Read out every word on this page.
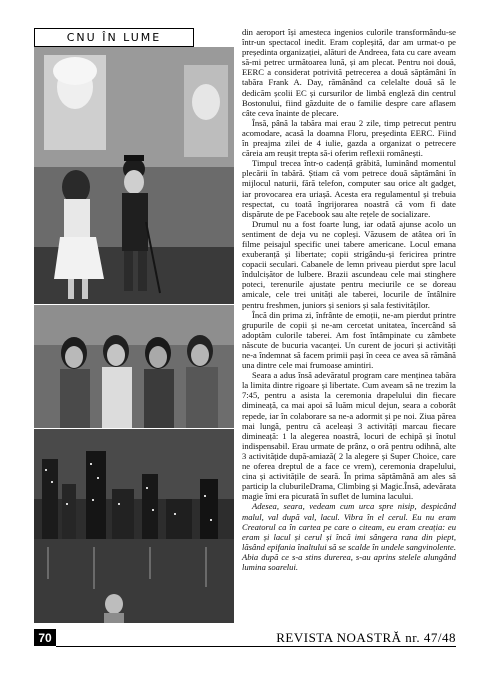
CNU ÎN LUME	din aeroport își amesteca ingenios culorile transformându-se într-un spectacol inedit. Eram copleșită, dar am urmat-o pe președinta organizației, alături de Andreea, fata cu care aveam să-mi petrec următoarea lună, și am plecat. Pentru noi două, EERC a considerat potrivită petrecerea a două săptămâni în tabăra Frank A. Day, rămânând ca celelalte două să le dedicăm școlii EC și cursurilor de limbă engleză din centrul Bostonului, fiind găzduite de o familie despre care aflasem câte ceva înainte de plecare.

Însă, până la tabăra mai erau 2 zile, timp petrecut pentru acomodare, acasă la doamna Floru, președinta EERC. Fiind în preajma zilei de 4 iulie, gazda a organizat o petrecere căreia am reușit trepta să-i oferim reflexii românești.

Timpul trecea într-o cadență grăbită, luminând momentul plecării în tabără. Știam că vom petrece două săptămâni în mijlocul naturii, fără telefon, computer sau orice alt gadget, iar provocarea era uriașă. Acesta era regulamentul și trebuia respectat, cu toată îngrijorarea noastră că vom fi date dispărute de pe Facebook sau alte rețele de socializare.

Drumul nu a fost foarte lung, iar odată ajunse acolo un sentiment de deja vu ne copleși. Văzusem de atâtea ori în filme peisajul specific unei tabere americane. Locul emana exuberanță și libertate; copii strigându-și fericirea printre copacii seculari. Cabanele de lemn priveau pierdut spre lacul îndulcișător de lulbere. Brazii ascundeau cele mai stinghere poteci, terenurile ajustate pentru meciurile ce se doreau amicale, cele trei unități ale taberei, locurile de întâlnire pentru freshmen, juniors și seniors și sala festivităților.

Încă din prima zi, înfrânte de emoții, ne-am pierdut printre grupurile de copii și ne-am cercetat unitatea, încercând să adoptăm culorile taberei. Am fost întâmpinate cu zâmbete născute de bucuria vacanței. Un curent de jocuri și activități ne-a îndemnat să facem primii pași în ceea ce avea să rămână una dintre cele mai frumoase amintiri.

Seara a adus însă adevăratul program care menținea tabăra la limita dintre rigoare și libertate. Cum aveam să ne trezim la 7:45, pentru a asista la ceremonia drapelului din fiecare dimineață, ca mai apoi să luăm micul dejun, seara a coborât repede, iar în colaborare sa ne-a adormit și pe noi. Ziua părea mai lungă, pentru că aceleași 3 activități marcau fiecare dimineață: 1 la alegerea noastră, locuri de echipă și înotul indispensabil. Erau urmate de prânz, o oră pentru odihnă, alte 3 activitățide după-amiază( 2 la alegere și Super Choice, care ne oferea dreptul de a face ce vrem), ceremonia drapelului, cina și activitățile de seară. În prima săptămână am ales să particip la cluburileDrama, Climbing și Magic.Însă, adevărata magie îmi era picurată în suflet de lumina lacului.

Adesea, seara, vedeam cum urca spre nisip, despicând malul, val după val, lacul. Vibra în el cerul. Eu nu eram Creatorul ca în cartea pe care o citeam, eu eram creația: eu eram și lacul și cerul și încă imi sângera rana din piept, lăsând epifania înaltului să se scalde în undele sangvinolente. Abia după ce s-a stins durerea, s-au aprins stelele alungând lumina soarelui.

70	REVISTA NOASTRĂ nr. 47/48
